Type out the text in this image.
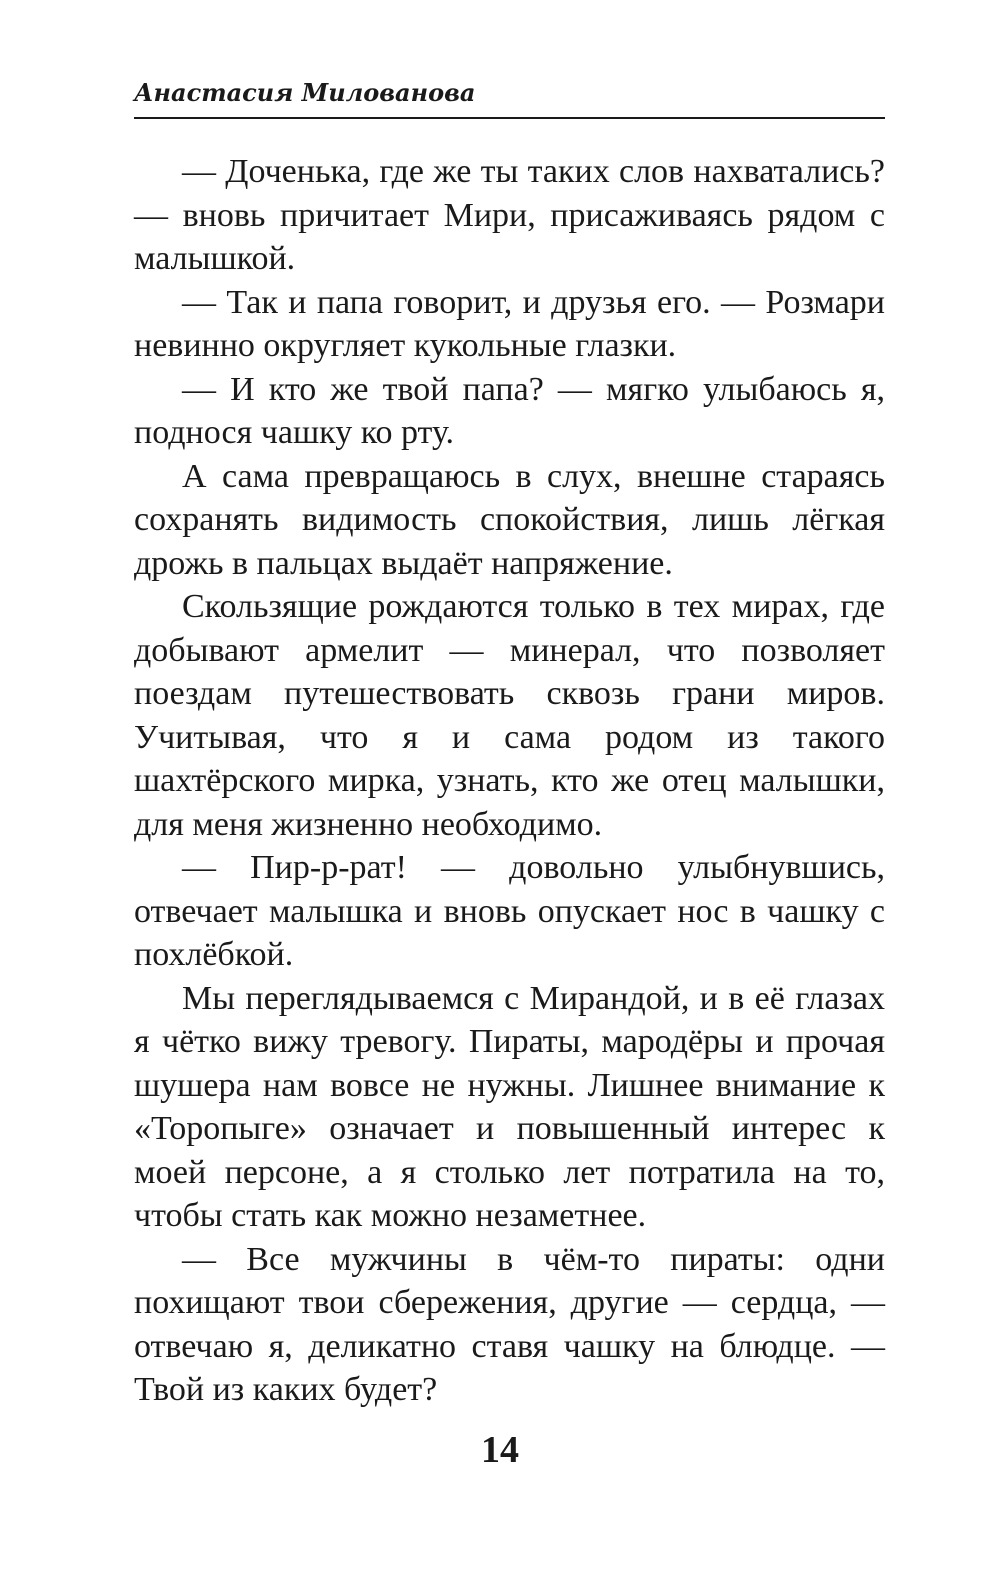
Анастасия Милованова

— Доченька, где же ты таких слов нахватались? — вновь причитает Мири, присаживаясь рядом с малышкой.

— Так и папа говорит, и друзья его. — Розмари невинно округляет кукольные глазки.

— И кто же твой папа? — мягко улыбаюсь я, поднося чашку ко рту.

А сама превращаюсь в слух, внешне стараясь сохранять видимость спокойствия, лишь лёгкая дрожь в пальцах выдаёт напряжение.

Скользящие рождаются только в тех мирах, где добывают армелит — минерал, что позволяет поездам путешествовать сквозь грани миров. Учитывая, что я и сама родом из такого шахтёрского мирка, узнать, кто же отец малышки, для меня жизненно необходимо.

— Пир-р-рат! — довольно улыбнувшись, отвечает малышка и вновь опускает нос в чашку с похлёбкой.

Мы переглядываемся с Мирандой, и в её глазах я чётко вижу тревогу. Пираты, мародёры и прочая шушера нам вовсе не нужны. Лишнее внимание к «Торопыге» означает и повышенный интерес к моей персоне, а я столько лет потратила на то, чтобы стать как можно незаметнее.

— Все мужчины в чём-то пираты: одни похищают твои сбережения, другие — сердца, — отвечаю я, деликатно ставя чашку на блюдце. — Твой из каких будет?

14
